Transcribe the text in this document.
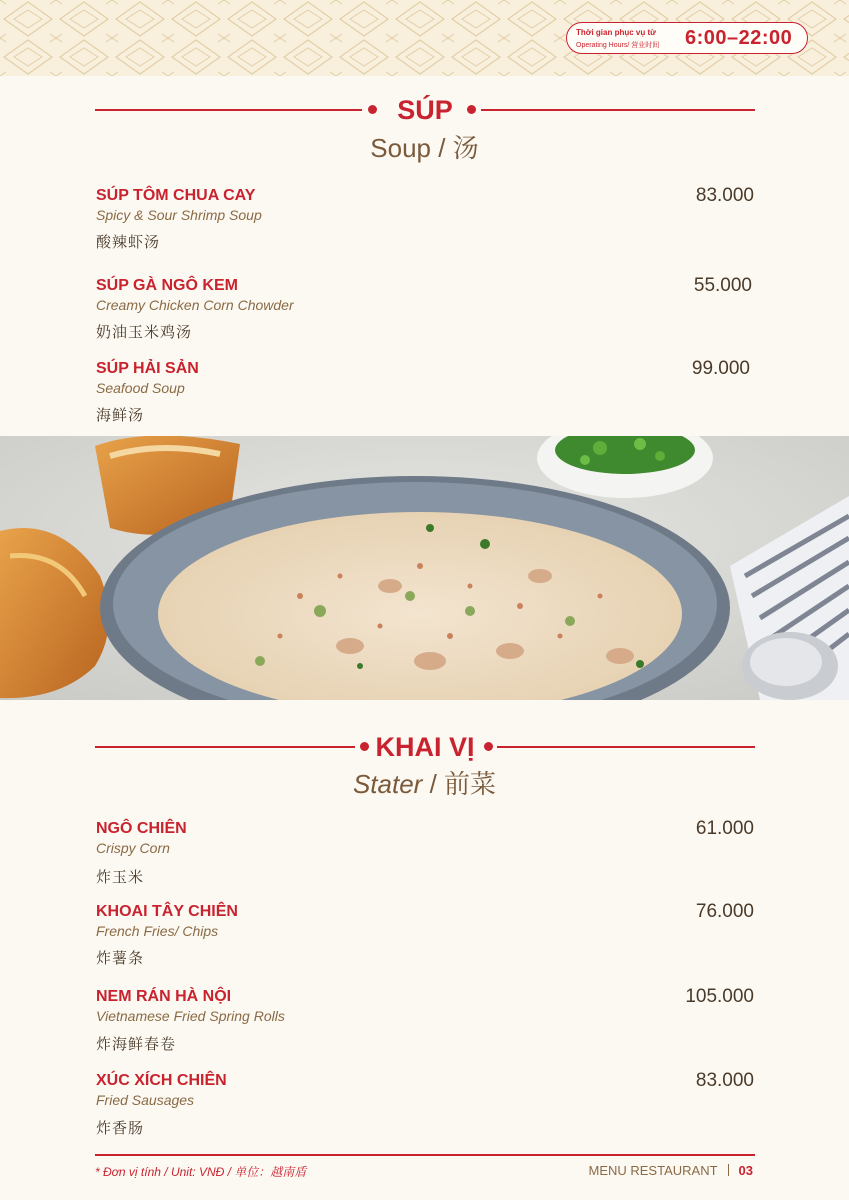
Thời gian phục vụ từ
Operating Hours/ 营业时间 6:00–22:00
SÚP
Soup / 汤
SÚP TÔM CHUA CAY
Spicy & Sour Shrimp Soup
酸辣虾汤
83.000
SÚP GÀ NGÔ KEM
Creamy Chicken Corn Chowder
奶油玉米鸡汤
55.000
SÚP HẢI SẢN
Seafood Soup
海鲜汤
99.000
KHAI VỊ
Stater / 前菜
NGÔ CHIÊN
Crispy Corn
炸玉米
61.000
KHOAI TÂY CHIÊN
French Fries/ Chips
炸薯条
76.000
NEM RÁN HÀ NỘI
Vietnamese Fried Spring Rolls
炸海鲜春卷
105.000
XÚC XÍCH CHIÊN
Fried Sausages
炸香肠
83.000
* Đơn vị tính / Unit: VNĐ / 单位：越南盾	MENU RESTAURANT 03
